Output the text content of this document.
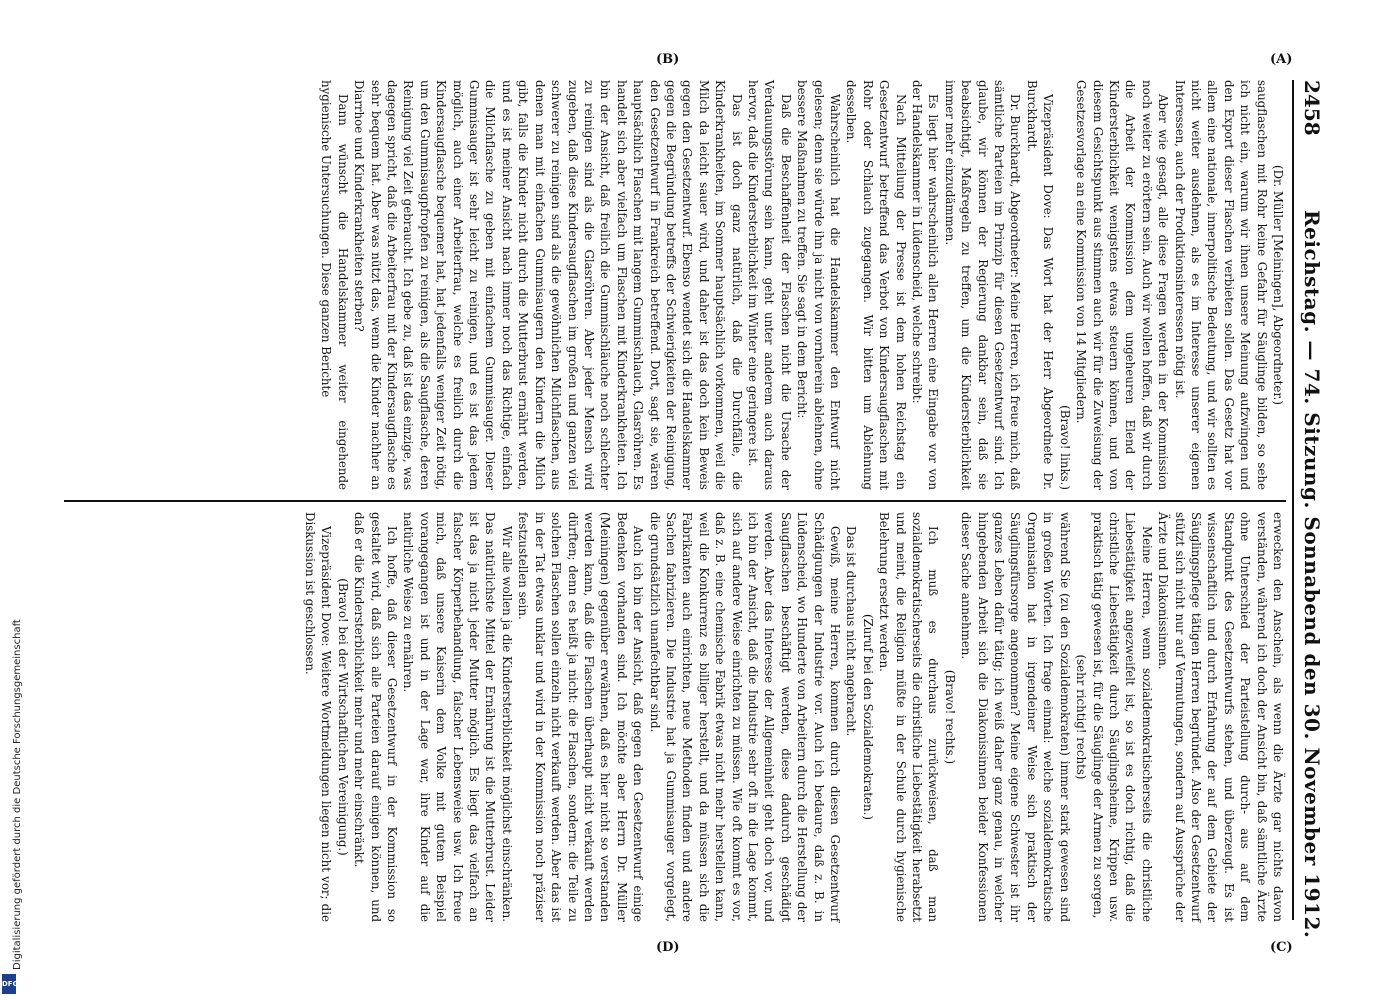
Digitalisierung gefördert durch die Deutsche Forschungsgemeinschaft
DFG
2458
Reichstag. — 74. Sitzung. Sonnabend den 30. November 1912.

(Dr. Müller [Meiningen], Abgeordneter.)

saugflaschen mit Rohr keine Gefahr für Säuglinge bilden, so sehe ich nicht ein, warum wir ihnen unsere Meinung aufzwingen und den Export dieser Flaschen verbieten sollen. Das Gesetz hat vor allem eine nationale, innerpolitische Bedeutung, und wir sollten es nicht weiter ausdehnen, als es im Interesse unserer eigenen Interessen, auch der Produktionsinteressen nötig ist.

Aber wie gesagt, alle diese Fragen werden in der Kommission noch weiter zu erörtern sein. Auch wir wollen hoffen, daß wir durch die Arbeit der Kommission dem ungeheuren Elend der Kindersterblichkeit wenigstens etwas steuern können, und von diesem Gesichtspunkt aus stimmen auch wir für die Zuweisung der Gesetzesvorlage an eine Kommission von 14 Mitgliedern.

(Bravo! links.)

Vizepräsident Dove: Das Wort hat der Herr Abgeordnete Dr. Burckhardt.

Dr. Burckhardt, Abgeordneter: Meine Herren, ich freue mich, daß sämtliche Parteien im Prinzip für diesen Gesetzentwurf sind. Ich glaube, wir können der Regierung dankbar sein, daß sie beabsichtigt, Maßregeln zu treffen, um die Kindersterblichkeit immer mehr einzudämmen.

Es liegt hier wahrscheinlich allen Herren eine Eingabe vor von der Handelskammer in Lüdenscheid, welche schreibt:

Nach Mitteilung der Presse ist dem hohen Reichstag ein Gesetzentwurf betreffend das Verbot von Kindersaugflaschen mit Rohr oder Schlauch zugegangen. Wir bitten um Ablehnung desselben.

Wahrscheinlich hat die Handelskammer den Entwurf nicht gelesen; denn sie würde ihn ja nicht von vornherein ablehnen, ohne bessere Maßnahmen zu treffen. Sie sagt in dem Bericht:

Daß die Beschaffenheit der Flaschen nicht die Ursache der Verdauungsstörung sein kann, geht unter anderem auch daraus hervor, daß die Kindersterblichkeit im Winter eine geringere ist.

Das ist doch ganz natürlich, daß die Durchfälle, die Kinderkrankheiten, im Sommer hauptsächlich vorkommen, weil die Milch da leicht sauer wird, und daher ist das doch kein Beweis gegen den Gesetzentwurf. Ebenso wendet sich die Handelskammer gegen die Begründung betreffs der Schwierigkeiten der Reinigung, den Gesetzentwurf in Frankreich betreffend. Dort, sagt sie, wären hauptsächlich Flaschen mit langem Gummischlauch, Glasröhren. Es handelt sich aber vielfach um Flaschen mit Kinderkrankheiten. Ich bin der Ansicht, daß freilich die Gummischläuche noch schlechter zu reinigen sind als die Glasröhren. Aber jeder Mensch wird zugeben, daß diese Kindersaugflaschen im großen und ganzen viel schwerer zu reinigen sind als die gewöhnlichen Milchflaschen, aus denen man mit einfachen Gummisaugern den Kindern die Milch gibt, falls die Kinder nicht durch die Mutterbrust ernährt werden, und es ist meiner Ansicht nach immer noch das Richtige, einfach die Milchflasche zu geben mit einfachem Gummisauger. Dieser Gummisauger ist sehr leicht zu reinigen, und es ist das jedem möglich, auch einer Arbeiterfrau, welche es freilich durch die Kindersaugflasche bequemer hat, hat jedenfalls weniger Zeit nötig, um den Gummisaugpfropfen zu reinigen, als die Saugflasche, deren Reinigung viel Zeit gebraucht. Ich gebe zu, daß ist das einzige, was dagegen spricht, daß die Arbeiterfrau mit der Kindersaugflasche es sehr bequem hat. Aber was nützt das, wenn die Kinder nachher an Diarrhoe und Kinderkrankheiten sterben?

Dann wünscht die Handelskammer weiter eingehende hygienische Untersuchungen. Diese ganzen Berichte

erwecken den Anschein, als wenn die Ärzte gar nichts davon verständen, während ich doch der Ansicht bin, daß sämtliche Ärzte ohne Unterschied der Parteistellung durch- aus auf dem Standpunkt des Gesetzentwurfs stehen, und überzeugt. Es ist wissenschaftlich und durch Erfahrung der auf dem Gebiete der Säuglingspflege tätigen Herren begründet. Also der Gesetzentwurf stützt sich nicht nur auf Vermutungen, sondern auf Aussprüche der Ärzte und Diakonissinnen.

Meine Herren, wenn sozialdemokratischerseits die christliche Liebestätigkeit angezweifelt ist, so ist es doch richtig, daß die christliche Liebestätigkeit durch Säuglingsheime, Krippen usw. praktisch tätig gewesen ist, für die Säuglinge der Armen zu sorgen,

(sehr richtig! rechts)

während Sie (zu den Sozialdemokraten) immer stark gewesen sind in großen Worten. Ich frage einmal: welche sozialdemokratische Organisation hat in irgendeiner Weise sich praktisch der Säuglingsfürsorge angenommen? Meine eigene Schwester ist ihr ganzes Leben dafür tätig; ich weiß daher ganz genau, in welcher hingebenden Arbeit sich die Diakonissinnen beider Konfessionen dieser Sache annehmen.

(Bravo! rechts.)

Ich muß es durchaus zurückweisen, daß man sozialdemokratischerseits die christliche Liebestätigkeit herabsetzt und meint, die Religion müßte in der Schule durch hygienische Belehrung ersetzt werden.

(Zuruf bei den Sozialdemokraten.)

Das ist durchaus nicht angebracht.

Gewiß, meine Herren, kommen durch diesen Gesetzentwurf Schädigungen der Industrie vor. Auch ich bedaure, daß z. B. in Lüdenscheid, wo Hunderte von Arbeitern durch die Herstellung der Saugflaschen beschäftigt werden, diese dadurch geschädigt werden. Aber das Interesse der Allgemeinheit geht doch vor, und ich bin der Ansicht, daß die Industrie sehr oft in die Lage kommt, sich auf andere Weise einrichten zu müssen. Wie oft kommt es vor, daß z. B. eine chemische Fabrik etwas nicht mehr herstellen kann, weil die Konkurrenz es billiger herstellt, und da müssen sich die Fabrikanten auch einrichten, neue Methoden finden und andere Sachen fabrizieren. Die Industrie hat ja Gummisauger vorgelegt, die grundsätzlich unanfechtbar sind.

Auch ich bin der Ansicht, daß gegen den Gesetzentwurf einige Bedenken vorhanden sind. Ich möchte aber Herrn Dr. Müller (Meiningen) gegenüber erwähnen, daß es hier nicht so verstanden werden kann, daß die Flaschen überhaupt nicht verkauft werden dürften; denn es heißt ja nicht: die Flaschen, sondern: die Teile zu solchen Flaschen sollen einzeln nicht verkauft werden. Aber das ist in der Tat etwas unklar und wird in der Kommission noch präziser festzustellen sein.

Wir alle wollen ja die Kindersterblichkeit möglichst einschränken. Das natürlichste Mittel der Ernährung ist die Mutterbrust. Leider ist das ja nicht jeder Mutter möglich. Es liegt das vielfach an falscher Körperbehandlung, falscher Lebensweise usw. Ich freue mich, daß unsere Kaiserin dem Volke mit gutem Beispiel vorangegangen ist und in der Lage war, ihre Kinder auf die natürliche Weise zu ernähren.

Ich hoffe, daß dieser Gesetzentwurf in der Kommission so gestaltet wird, daß sich alle Parteien darauf einigen können, und daß er die Kindersterblichkeit mehr und mehr einschränkt.

(Bravo! bei der Wirtschaftlichen Vereinigung.)

Vizepräsident Dove: Weitere Wortmeldungen liegen nicht vor; die Diskussion ist geschlossen.

(A)
(B)
(C)
(D)
